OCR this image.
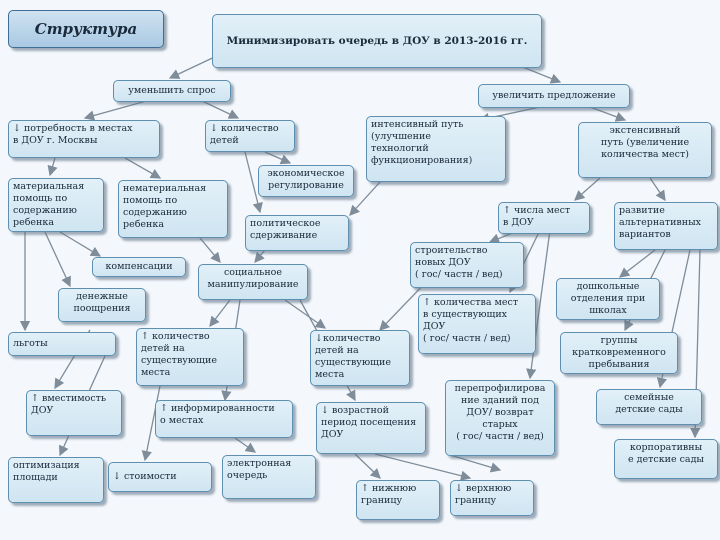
Структура
Минимизировать очередь в ДОУ в 2013-2016 гг.
уменьшить спрос	увеличить предложение
↓ потребность в местах
в ДОУ г. Москвы
↓ количество
детей
материальная
помощь по
содержанию
ребенка
нематериальная
помощь по
содержанию
ребенка
экономическое
регулирование
политическое
сдерживание
компенсации
социальное
манипулирование
денежные
поощрения
льготы
↑ количество
детей на
существующие
места
↓количество
детей на
существующие
места
↑ вместимость
ДОУ	↑ информированности
о местах
↓ возрастной
период посещения
ДОУ
оптимизация
площади	↓ стоимости
электронная
очередь
↑ нижнюю
границу
↓ верхнюю
границу
интенсивный путь
(улучшение
технологий
функционирования)
экстенсивный
путь (увеличение
количества мест)
↑ числа мест
в ДОУ
развитие
альтернативных
вариантов
строительство
новых ДОУ
( гос/ частн / вед)
дошкольные
отделения при
школах
↑ количества мест
в существующих
ДОУ
( гос/ частн / вед)	группы
кратковременного
пребывания
перепрофилирова
ние зданий под
ДОУ/ возврат
старых
( гос/ частн / вед)
семейные
детские сады
корпоративны
е детские сады
